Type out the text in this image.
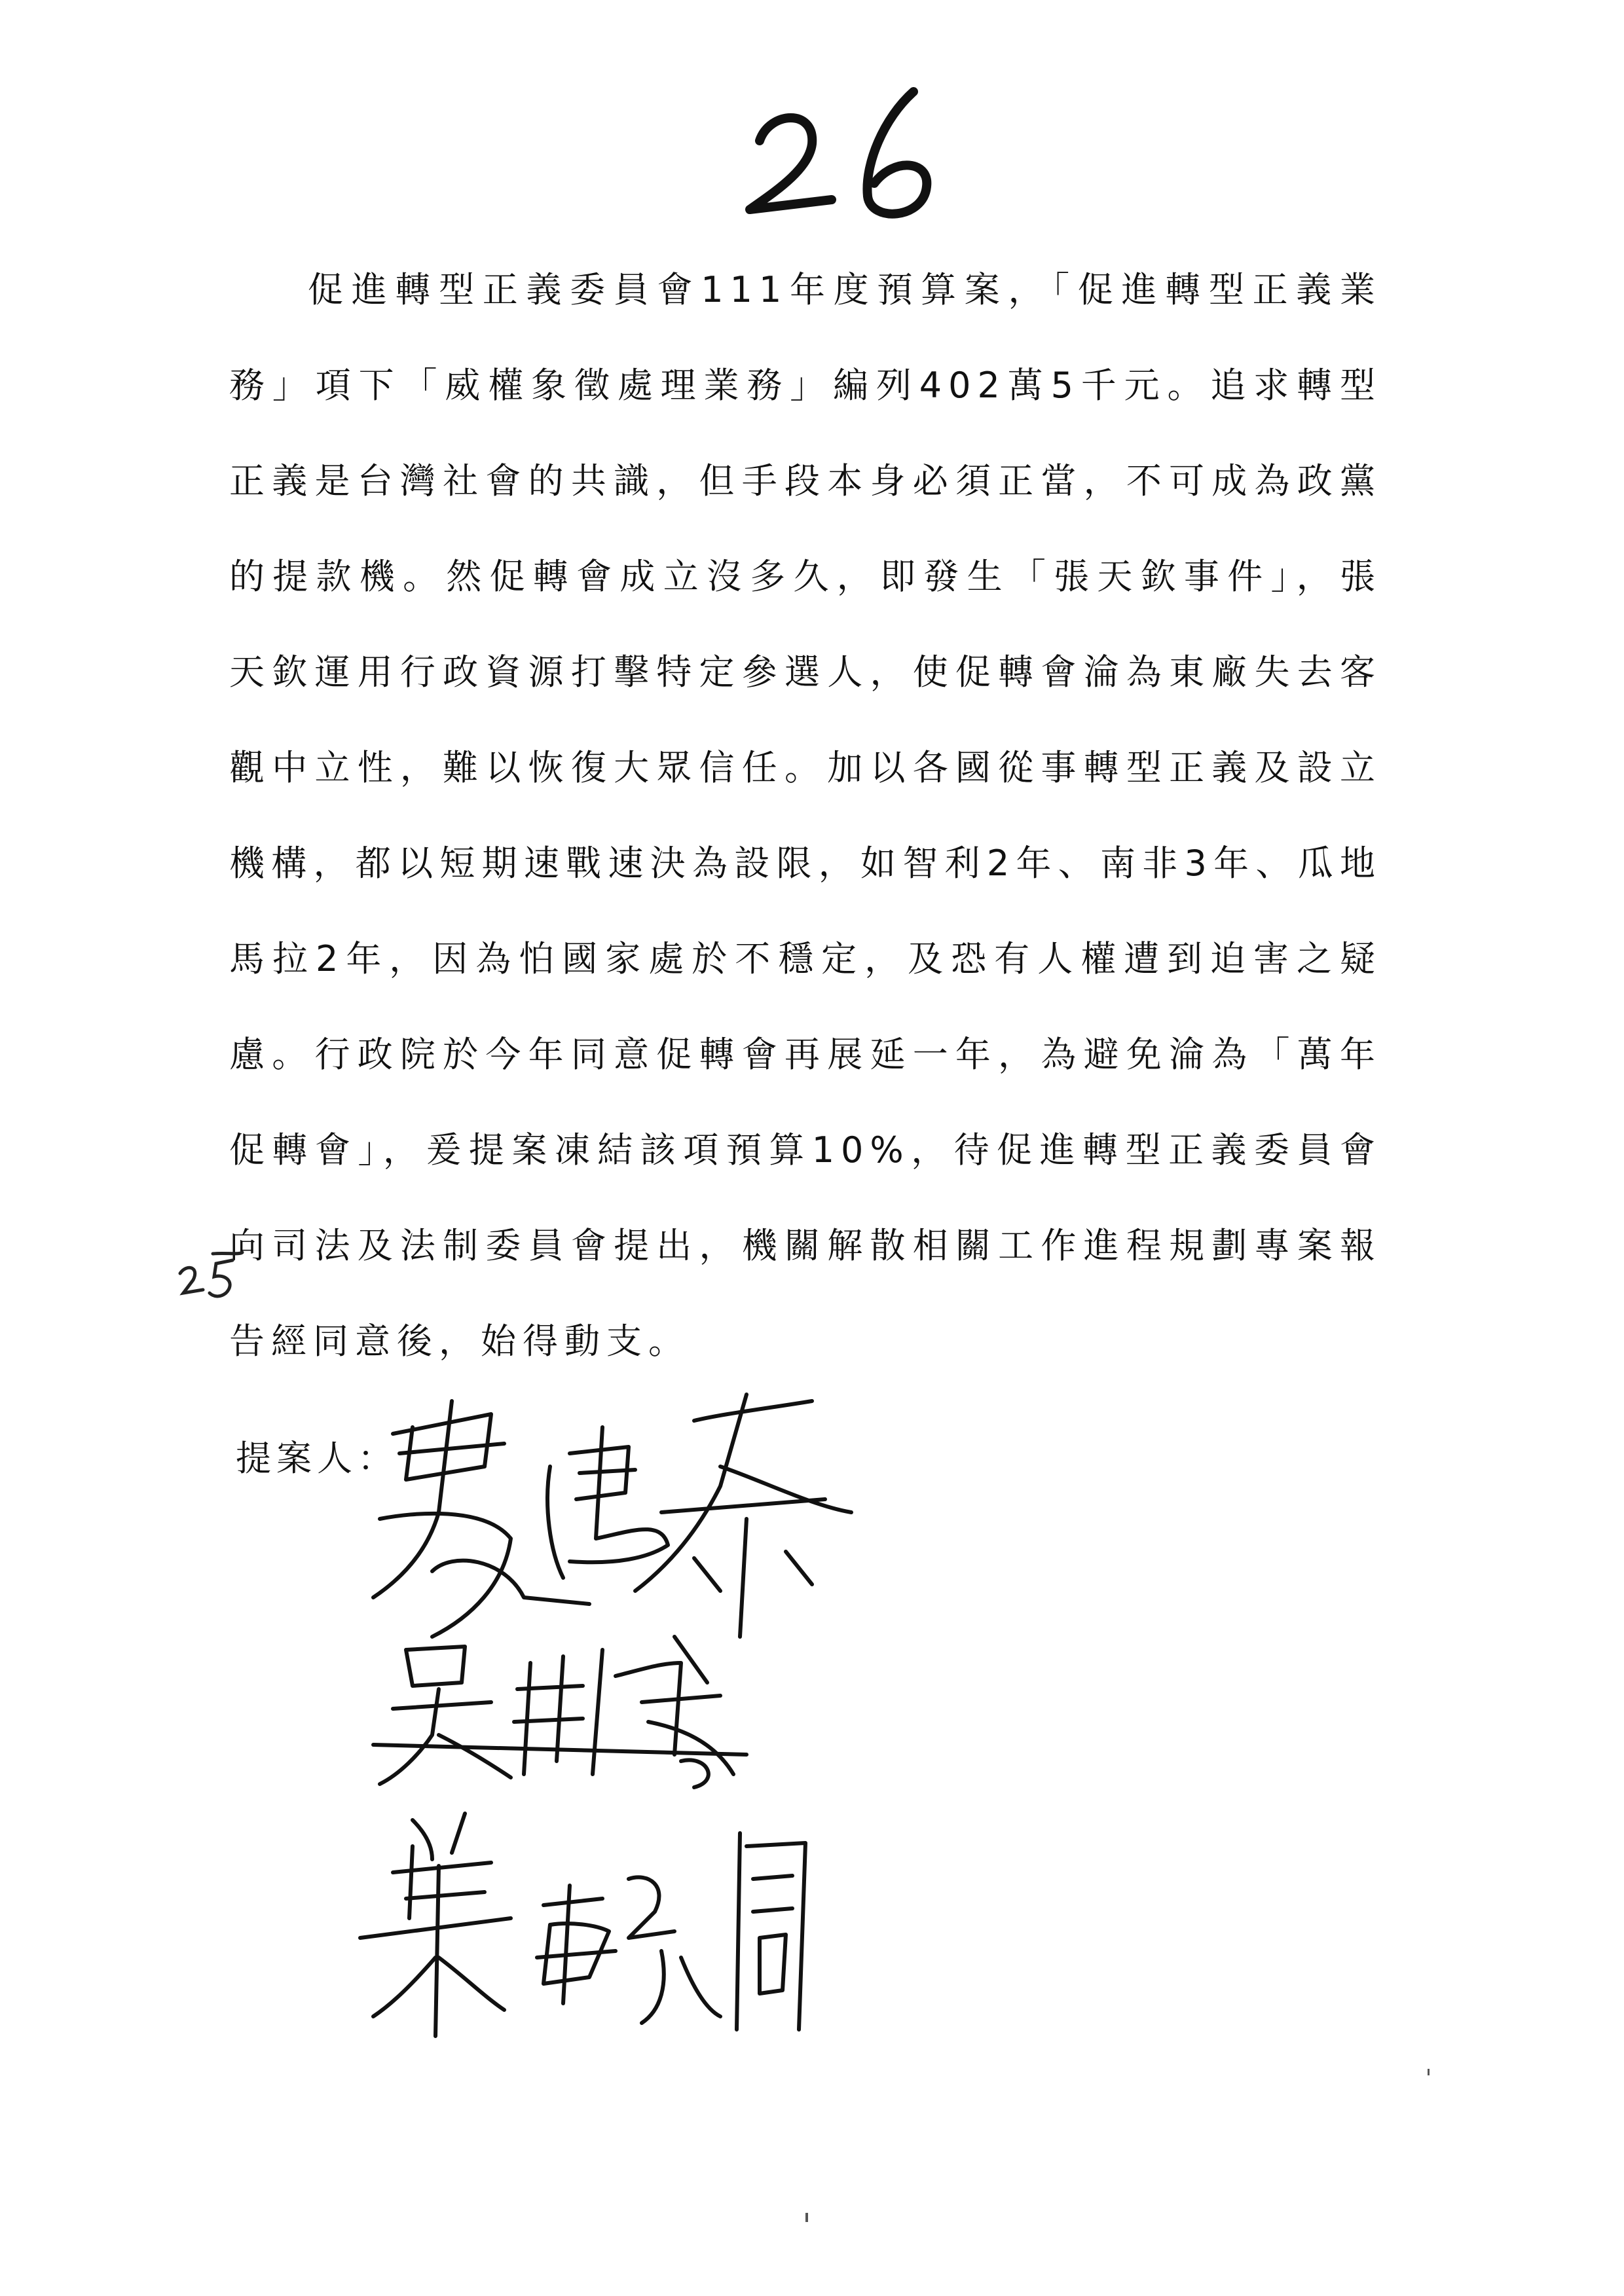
促進轉型正義委員會111年度預算案，「促進轉型正義業務」項下「威權象徵處理業務」編列402萬5千元。追求轉型正義是台灣社會的共識，但手段本身必須正當，不可成為政黨的提款機。然促轉會成立沒多久，即發生「張天欽事件」，張天欽運用行政資源打擊特定參選人，使促轉會淪為東廠失去客觀中立性，難以恢復大眾信任。加以各國從事轉型正義及設立機構，都以短期速戰速決為設限，如智利2年、南非3年、瓜地馬拉2年，因為怕國家處於不穩定，及恐有人權遭到迫害之疑慮。行政院於今年同意促轉會再展延一年，為避免淪為「萬年促轉會」，爰提案凍結該項預算10%，待促進轉型正義委員會向司法及法制委員會提出，機關解散相關工作進程規劃專案報告經同意後，始得動支。

提案人：
